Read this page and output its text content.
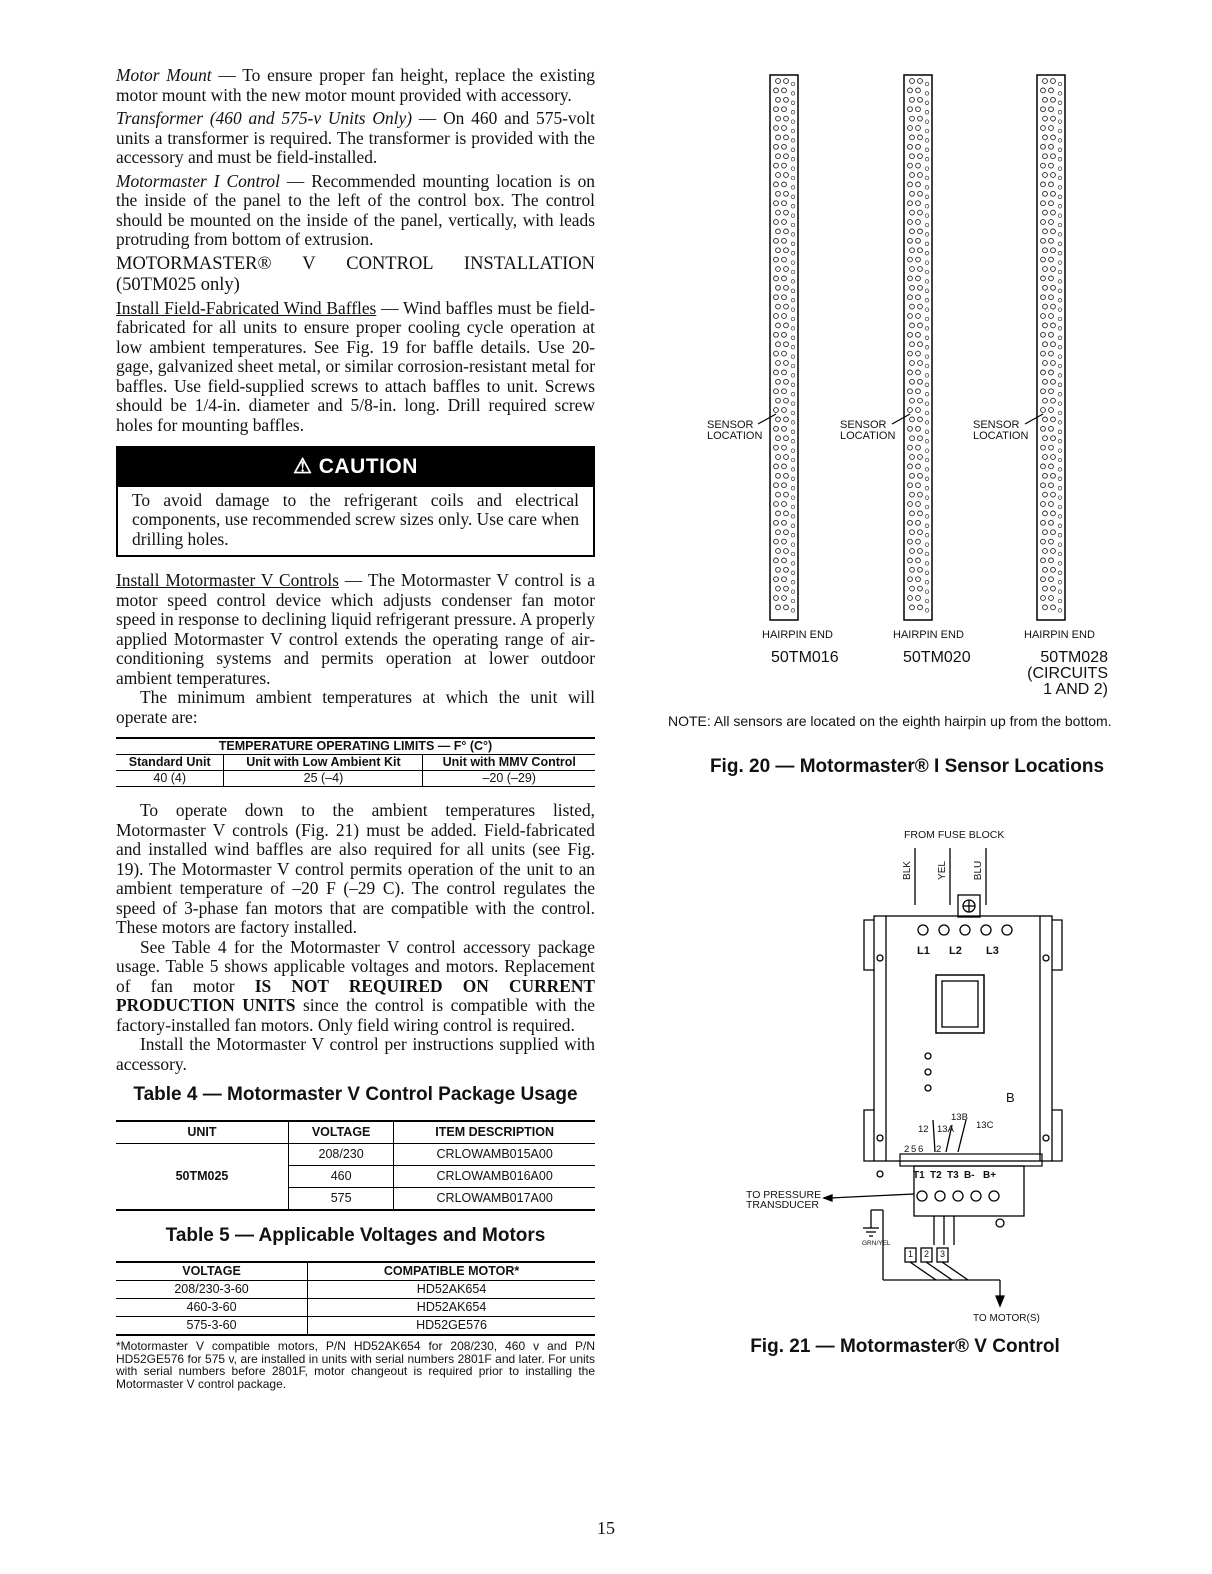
Motor Mount — To ensure proper fan height, replace the existing motor mount with the new motor mount provided with accessory.

Transformer (460 and 575-v Units Only) — On 460 and 575-volt units a transformer is required. The transformer is provided with the accessory and must be field-installed.

Motormaster I Control — Recommended mounting location is on the inside of the panel to the left of the control box. The control should be mounted on the inside of the panel, vertically, with leads protruding from bottom of extrusion.

MOTORMASTER® V CONTROL INSTALLATION (50TM025 only)

Install Field-Fabricated Wind Baffles — Wind baffles must be field-fabricated for all units to ensure proper cooling cycle operation at low ambient temperatures. See Fig. 19 for baffle details. Use 20-gage, galvanized sheet metal, or similar corrosion-resistant metal for baffles. Use field-supplied screws to attach baffles to unit. Screws should be 1/4-in. diameter and 5/8-in. long. Drill required screw holes for mounting baffles.

⚠ CAUTION
To avoid damage to the refrigerant coils and electrical components, use recommended screw sizes only. Use care when drilling holes.

Install Motormaster V Controls — The Motormaster V control is a motor speed control device which adjusts condenser fan motor speed in response to declining liquid refrigerant pressure. A properly applied Motormaster V control extends the operating range of air-conditioning systems and permits operation at lower outdoor ambient temperatures.

The minimum ambient temperatures at which the unit will operate are:

TEMPERATURE OPERATING LIMITS — F° (C°)		
Standard Unit	Unit with Low Ambient Kit	Unit with MMV Control
40 (4)	25 (–4)	–20 (–29)

To operate down to the ambient temperatures listed, Motormaster V controls (Fig. 21) must be added. Field-fabricated and installed wind baffles are also required for all units (see Fig. 19). The Motormaster V control permits operation of the unit to an ambient temperature of –20 F (–29 C). The control regulates the speed of 3-phase fan motors that are compatible with the control. These motors are factory installed.

See Table 4 for the Motormaster V control accessory package usage. Table 5 shows applicable voltages and motors. Replacement of fan motor IS NOT REQUIRED ON CURRENT PRODUCTION UNITS since the control is compatible with the factory-installed fan motors. Only field wiring control is required.

Install the Motormaster V control per instructions supplied with accessory.

Table 4 — Motormaster V Control Package Usage
UNIT	VOLTAGE	ITEM DESCRIPTION
50TM025	208/230	CRLOWAMB015A00
	460	CRLOWAMB016A00
	575	CRLOWAMB017A00
Table 5 — Applicable Voltages and Motors
VOLTAGE	COMPATIBLE MOTOR*
208/230-3-60	HD52AK654
460-3-60	HD52AK654
575-3-60	HD52GE576
*Motormaster V compatible motors, P/N HD52AK654 for 208/230, 460 v and P/N HD52GE576 for 575 v, are installed in units with serial numbers 2801F and later. For units with serial numbers before 2801F, motor changeout is required prior to installing the Motormaster V control package.
SENSOR
LOCATION
SENSOR
LOCATION
SENSOR
LOCATION
HAIRPIN END	HAIRPIN END	HAIRPIN END
50TM016	50TM020	50TM028
(CIRCUITS
1 AND 2)
NOTE: All sensors are located on the eighth hairpin up from the bottom.
Fig. 20 — Motormaster® I Sensor Locations
FROM FUSE BLOCK
BLK YEL	BLU
L1 L2 L3
B
13B
12 13A 13C
2 5 6 2
T1 T2 T3 B- B+
TO PRESSURE
TRANSDUCER
GRN/YEL
1 2 3
TO MOTOR(S)
Fig. 21 — Motormaster® V Control
15
